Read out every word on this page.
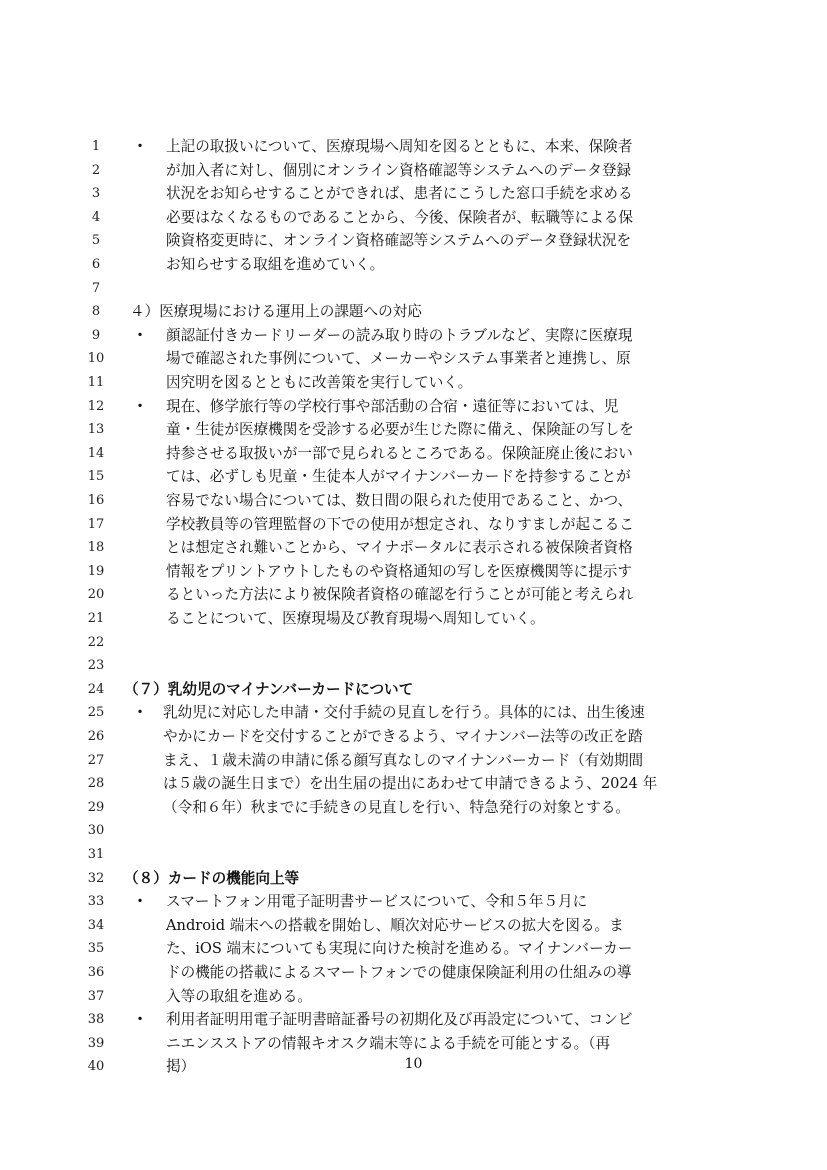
1	・ 上記の取扱いについて、医療現場へ周知を図るとともに、本来、保険者
2	が加入者に対し、個別にオンライン資格確認等システムへのデータ登録
3	状況をお知らせすることができれば、患者にこうした窓口手続を求める
4	必要はなくなるものであることから、今後、保険者が、転職等による保
5	険資格変更時に、オンライン資格確認等システムへのデータ登録状況を
6	お知らせする取組を進めていく。
7
8	４）医療現場における運用上の課題への対応
9	・ 顔認証付きカードリーダーの読み取り時のトラブルなど、実際に医療現
10	場で確認された事例について、メーカーやシステム事業者と連携し、原
11	因究明を図るとともに改善策を実行していく。
12	・ 現在、修学旅行等の学校行事や部活動の合宿・遠征等においては、児
13	童・生徒が医療機関を受診する必要が生じた際に備え、保険証の写しを
14	持参させる取扱いが一部で見られるところである。保険証廃止後におい
15	ては、必ずしも児童・生徒本人がマイナンバーカードを持参することが
16	容易でない場合については、数日間の限られた使用であること、かつ、
17	学校教員等の管理監督の下での使用が想定され、なりすましが起こるこ
18	とは想定され難いことから、マイナポータルに表示される被保険者資格
19	情報をプリントアウトしたものや資格通知の写しを医療機関等に提示す
20	るといった方法により被保険者資格の確認を行うことが可能と考えられ
21	ることについて、医療現場及び教育現場へ周知していく。
22
23
24	（７）乳幼児のマイナンバーカードについて
25	・ 乳幼児に対応した申請・交付手続の見直しを行う。具体的には、出生後速
26	やかにカードを交付することができるよう、マイナンバー法等の改正を踏
27	まえ、１歳未満の申請に係る顔写真なしのマイナンバーカード（有効期間
28	は５歳の誕生日まで）を出生届の提出にあわせて申請できるよう、2024 年
29	（令和６年）秋までに手続きの見直しを行い、特急発行の対象とする。
30
31
32	（８）カードの機能向上等
33	・ スマートフォン用電子証明書サービスについて、令和５年５月に
34	Android 端末への搭載を開始し、順次対応サービスの拡大を図る。ま
35	た、iOS 端末についても実現に向けた検討を進める。マイナンバーカー
36	ドの機能の搭載によるスマートフォンでの健康保険証利用の仕組みの導
37	入等の取組を進める。
38	・ 利用者証明用電子証明書暗証番号の初期化及び再設定について、コンビ
39	ニエンスストアの情報キオスク端末等による手続を可能とする。（再
40	掲）	10
